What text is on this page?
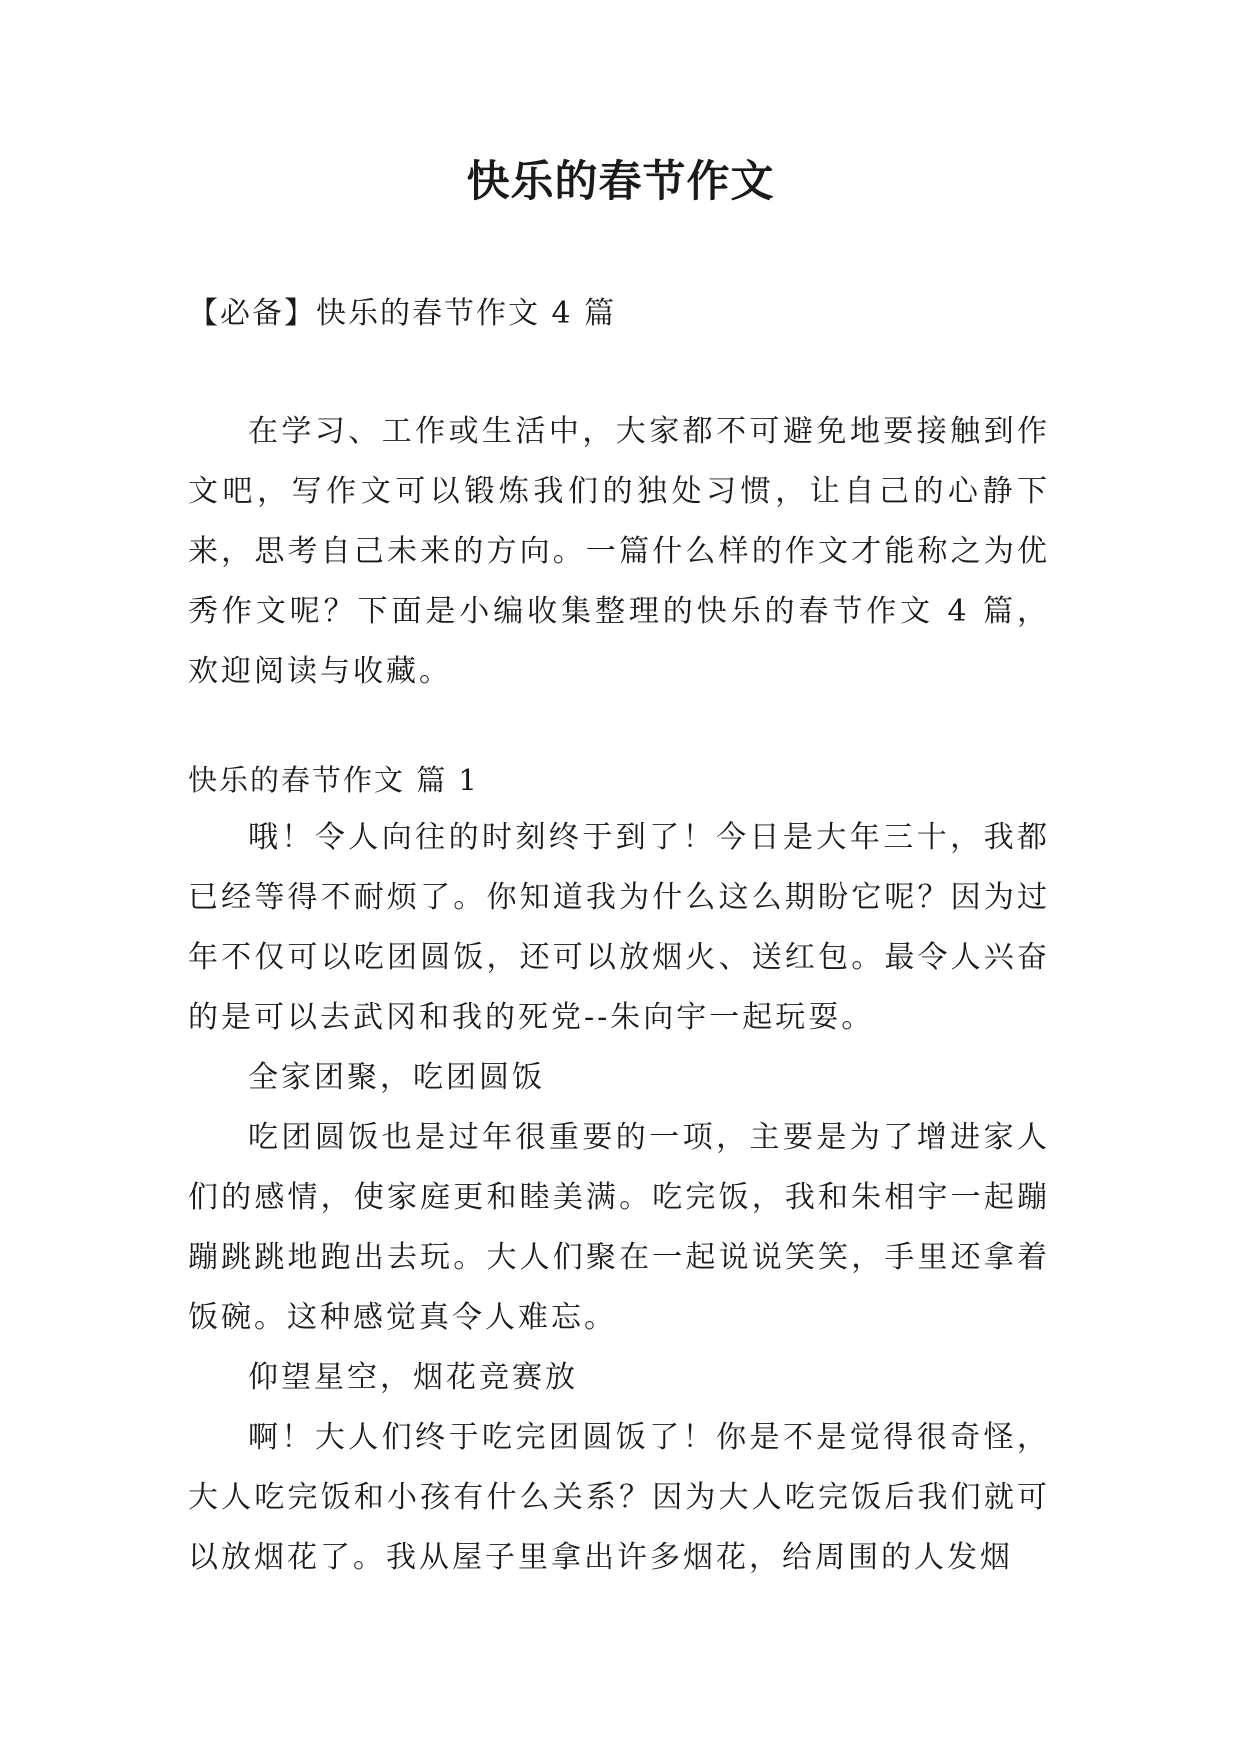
快乐的春节作文

【必备】快乐的春节作文 4 篇

在学习、工作或生活中，大家都不可避免地要接触到作文吧，写作文可以锻炼我们的独处习惯，让自己的心静下来，思考自己未来的方向。一篇什么样的作文才能称之为优秀作文呢？下面是小编收集整理的快乐的春节作文 4 篇，欢迎阅读与收藏。

快乐的春节作文 篇 1

哦！令人向往的时刻终于到了！今日是大年三十，我都已经等得不耐烦了。你知道我为什么这么期盼它呢？因为过年不仅可以吃团圆饭，还可以放烟火、送红包。最令人兴奋的是可以去武冈和我的死党--朱向宇一起玩耍。

全家团聚，吃团圆饭

吃团圆饭也是过年很重要的一项，主要是为了增进家人们的感情，使家庭更和睦美满。吃完饭，我和朱相宇一起蹦蹦跳跳地跑出去玩。大人们聚在一起说说笑笑，手里还拿着饭碗。这种感觉真令人难忘。

仰望星空，烟花竞赛放

啊！大人们终于吃完团圆饭了！你是不是觉得很奇怪，大人吃完饭和小孩有什么关系？因为大人吃完饭后我们就可以放烟花了。我从屋子里拿出许多烟花，给周围的人发烟
